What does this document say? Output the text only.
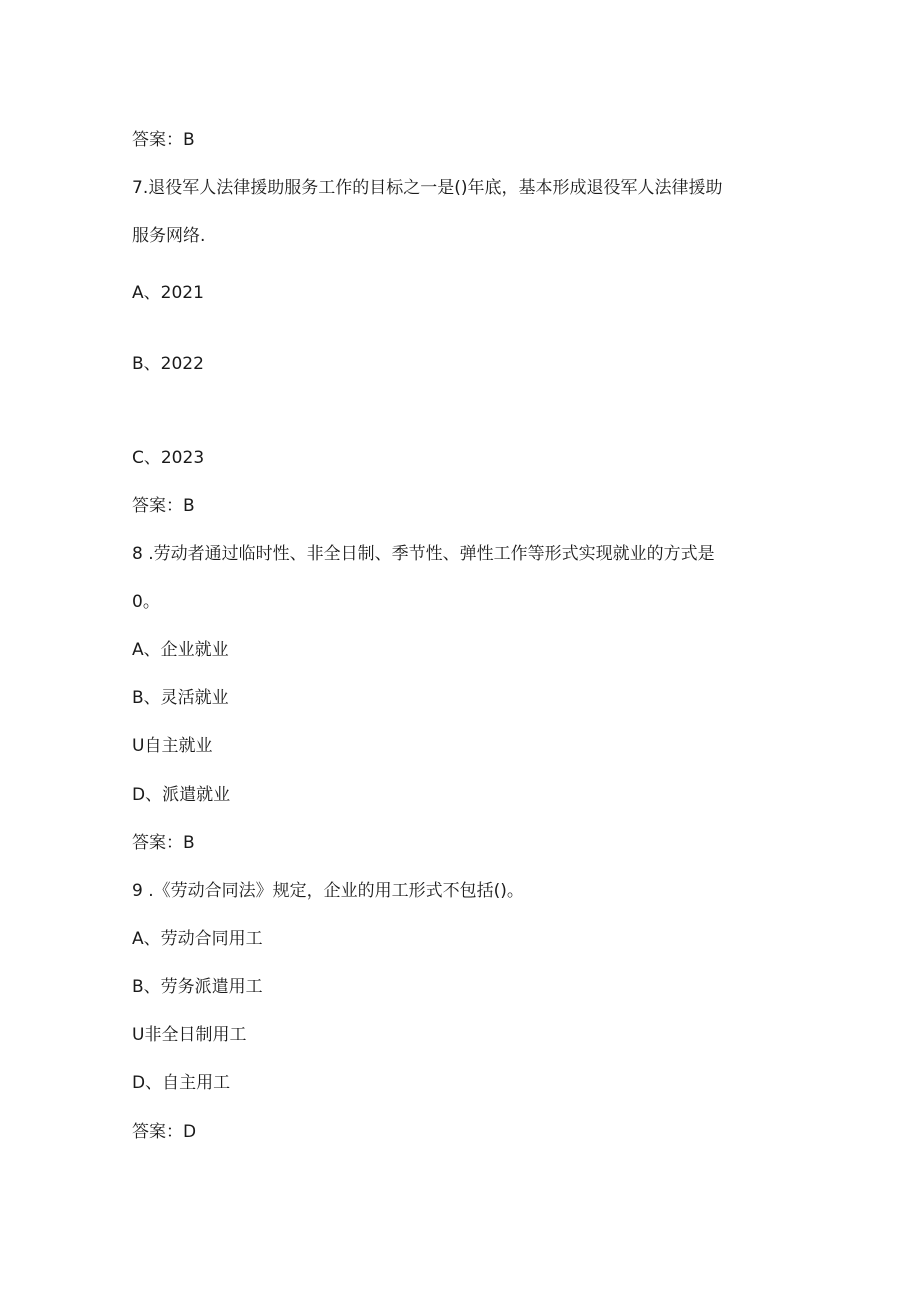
答案：B
7.退役军人法律援助服务工作的目标之一是()年底，基本形成退役军人法律援助
服务网络.
A、2021
B、2022
C、2023
答案：B
8 .劳动者通过临时性、非全日制、季节性、弹性工作等形式实现就业的方式是
0。
A、企业就业
B、灵活就业
U自主就业
D、派遣就业
答案：B
9 .《劳动合同法》规定，企业的用工形式不包括()。
A、劳动合同用工
B、劳务派遣用工
U非全日制用工
D、自主用工
答案：D
